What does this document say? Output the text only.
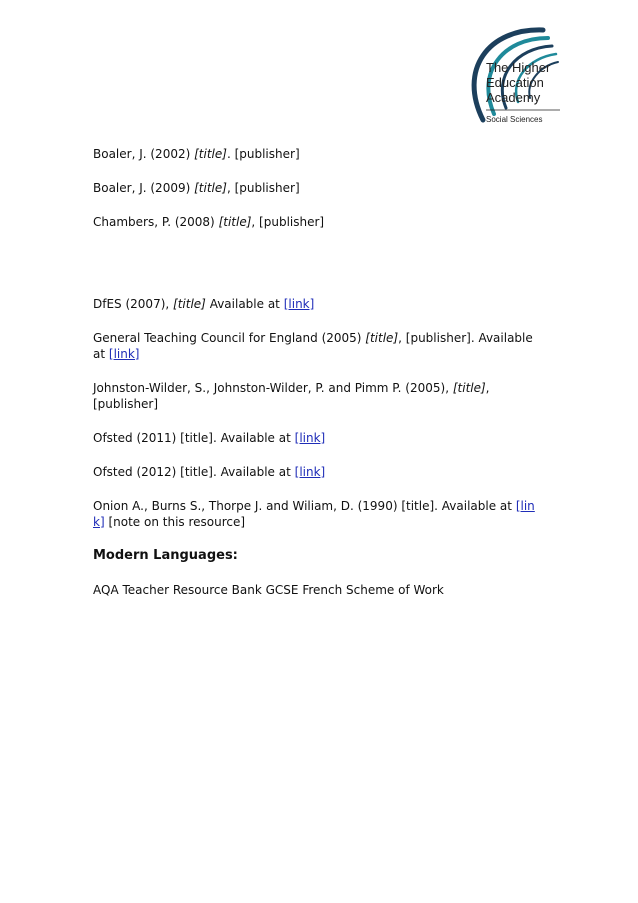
The Higher
Education
Academy
Social Sciences

Boaler, J. (2002) [title]. [publisher]

Boaler, J. (2009) [title], [publisher]

Chambers, P. (2008) [title], [publisher]

DfES (2007), [title] Available at [link]

General Teaching Council for England (2005) [title], [publisher]. Available at [link]

Johnston-Wilder, S., Johnston-Wilder, P. and Pimm P. (2005), [title], [publisher]

Ofsted (2011) [title]. Available at [link]

Ofsted (2012) [title]. Available at [link]

Onion A., Burns S., Thorpe J. and Wiliam, D. (1990) [title]. Available at [link] [note on this resource]

Modern Languages:

AQA Teacher Resource Bank GCSE French Scheme of Work
